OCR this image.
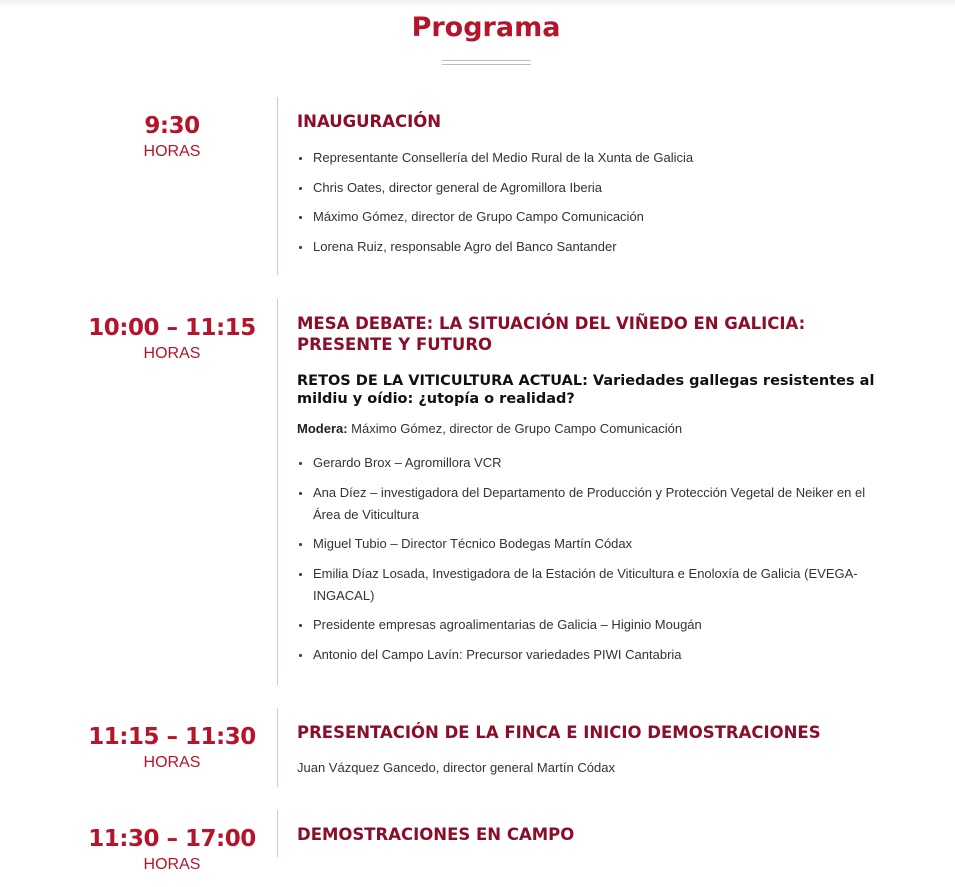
Programa
9:30
HORAS
INAUGURACIÓN
Representante Consellería del Medio Rural de la Xunta de Galicia
Chris Oates, director general de Agromillora Iberia
Máximo Gómez, director de Grupo Campo Comunicación
Lorena Ruiz, responsable Agro del Banco Santander
10:00 – 11:15
HORAS
MESA DEBATE: LA SITUACIÓN DEL VIÑEDO EN GALICIA: PRESENTE Y FUTURO
RETOS DE LA VITICULTURA ACTUAL: Variedades gallegas resistentes al mildiu y oídio: ¿utopía o realidad?

Modera: Máximo Gómez, director de Grupo Campo Comunicación

Gerardo Brox – Agromillora VCR
Ana Díez – investigadora del Departamento de Producción y Protección Vegetal de Neiker en el Área de Viticultura
Miguel Tubio – Director Técnico Bodegas Martín Códax
Emilia Díaz Losada, Investigadora de la Estación de Viticultura e Enoloxía de Galicia (EVEGA-INGACAL)
Presidente empresas agroalimentarias de Galicia – Higinio Mougán
Antonio del Campo Lavín: Precursor variedades PIWI Cantabria
11:15 – 11:30
HORAS
PRESENTACIÓN DE LA FINCA E INICIO DEMOSTRACIONES

Juan Vázquez Gancedo, director general Martín Códax

11:30 – 17:00
HORAS
DEMOSTRACIONES EN CAMPO
